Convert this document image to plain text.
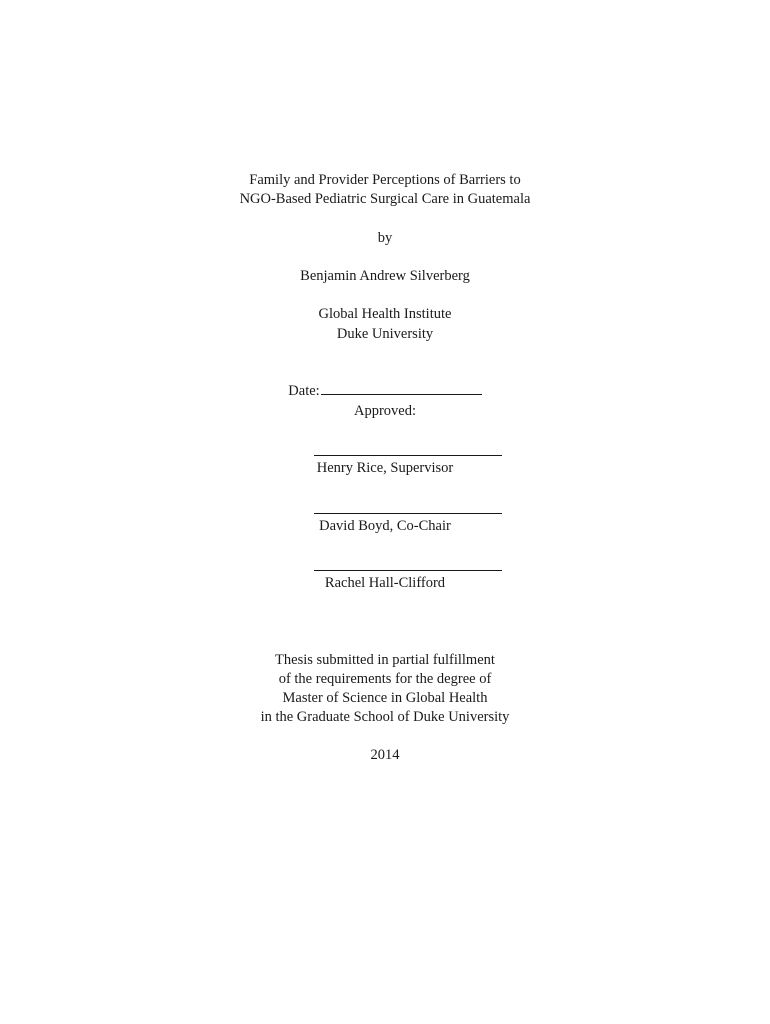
Family and Provider Perceptions of Barriers to
NGO-Based Pediatric Surgical Care in Guatemala
by
Benjamin Andrew Silverberg
Global Health Institute
Duke University
Date:
Approved:
Henry Rice, Supervisor
David Boyd, Co-Chair
Rachel Hall-Clifford
Thesis submitted in partial fulfillment
of the requirements for the degree of
Master of Science in Global Health
in the Graduate School of Duke University
2014
